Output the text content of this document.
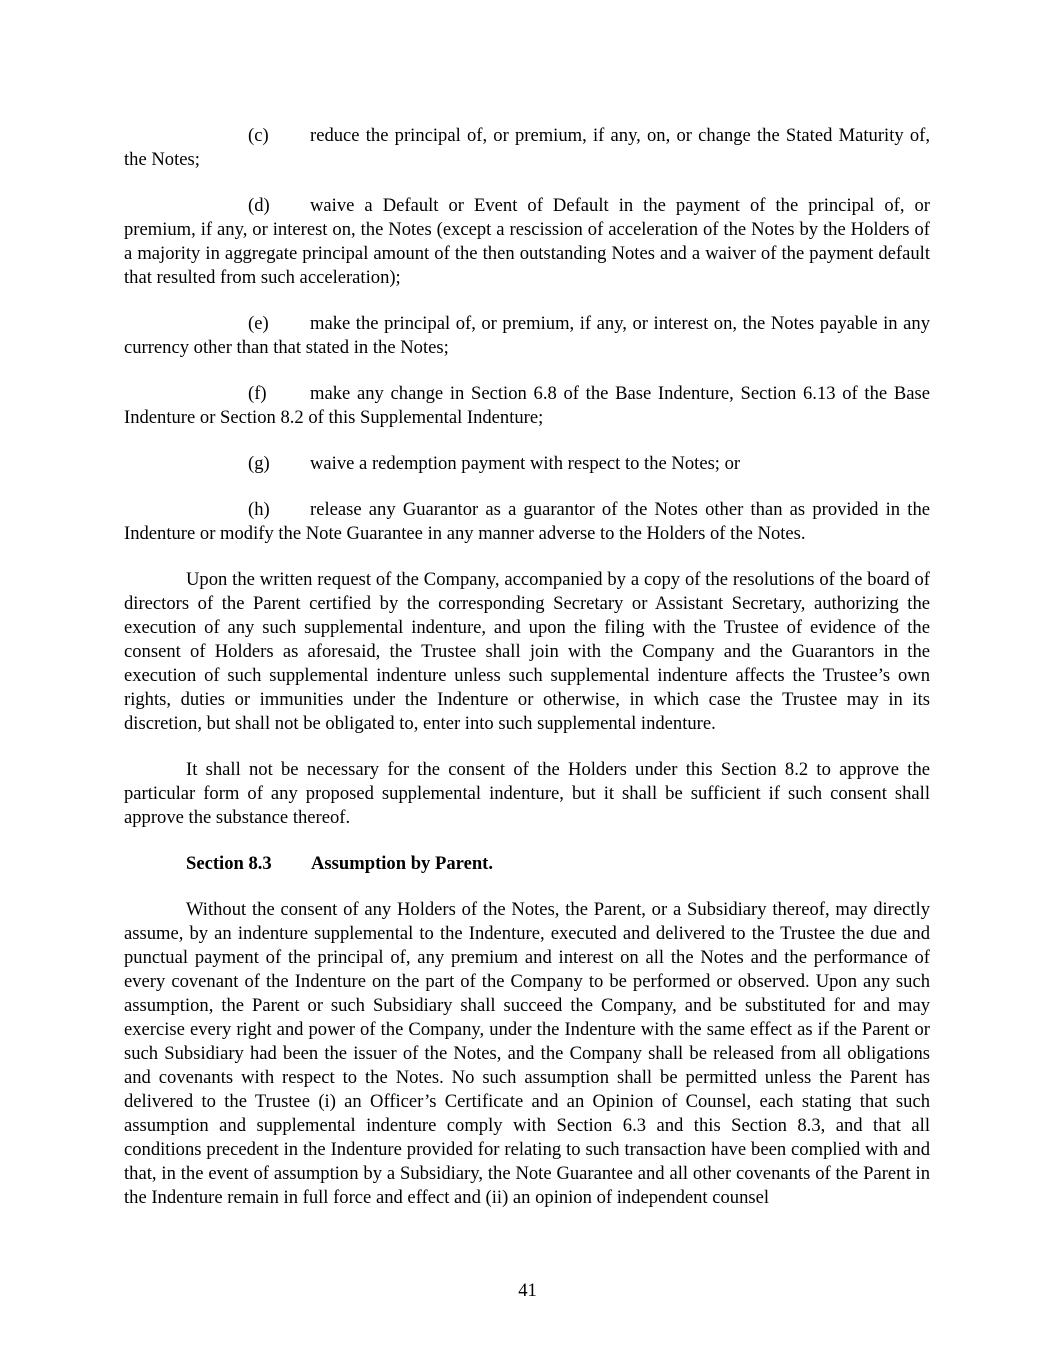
(c) reduce the principal of, or premium, if any, on, or change the Stated Maturity of, the Notes;

(d) waive a Default or Event of Default in the payment of the principal of, or premium, if any, or interest on, the Notes (except a rescission of acceleration of the Notes by the Holders of a majority in aggregate principal amount of the then outstanding Notes and a waiver of the payment default that resulted from such acceleration);

(e) make the principal of, or premium, if any, or interest on, the Notes payable in any currency other than that stated in the Notes;

(f) make any change in Section 6.8 of the Base Indenture, Section 6.13 of the Base Indenture or Section 8.2 of this Supplemental Indenture;

(g) waive a redemption payment with respect to the Notes; or

(h) release any Guarantor as a guarantor of the Notes other than as provided in the Indenture or modify the Note Guarantee in any manner adverse to the Holders of the Notes.

Upon the written request of the Company, accompanied by a copy of the resolutions of the board of directors of the Parent certified by the corresponding Secretary or Assistant Secretary, authorizing the execution of any such supplemental indenture, and upon the filing with the Trustee of evidence of the consent of Holders as aforesaid, the Trustee shall join with the Company and the Guarantors in the execution of such supplemental indenture unless such supplemental indenture affects the Trustee’s own rights, duties or immunities under the Indenture or otherwise, in which case the Trustee may in its discretion, but shall not be obligated to, enter into such supplemental indenture.

It shall not be necessary for the consent of the Holders under this Section 8.2 to approve the particular form of any proposed supplemental indenture, but it shall be sufficient if such consent shall approve the substance thereof.

Section 8.3 Assumption by Parent.

Without the consent of any Holders of the Notes, the Parent, or a Subsidiary thereof, may directly assume, by an indenture supplemental to the Indenture, executed and delivered to the Trustee the due and punctual payment of the principal of, any premium and interest on all the Notes and the performance of every covenant of the Indenture on the part of the Company to be performed or observed. Upon any such assumption, the Parent or such Subsidiary shall succeed the Company, and be substituted for and may exercise every right and power of the Company, under the Indenture with the same effect as if the Parent or such Subsidiary had been the issuer of the Notes, and the Company shall be released from all obligations and covenants with respect to the Notes. No such assumption shall be permitted unless the Parent has delivered to the Trustee (i) an Officer’s Certificate and an Opinion of Counsel, each stating that such assumption and supplemental indenture comply with Section 6.3 and this Section 8.3, and that all conditions precedent in the Indenture provided for relating to such transaction have been complied with and that, in the event of assumption by a Subsidiary, the Note Guarantee and all other covenants of the Parent in the Indenture remain in full force and effect and (ii) an opinion of independent counsel

41
